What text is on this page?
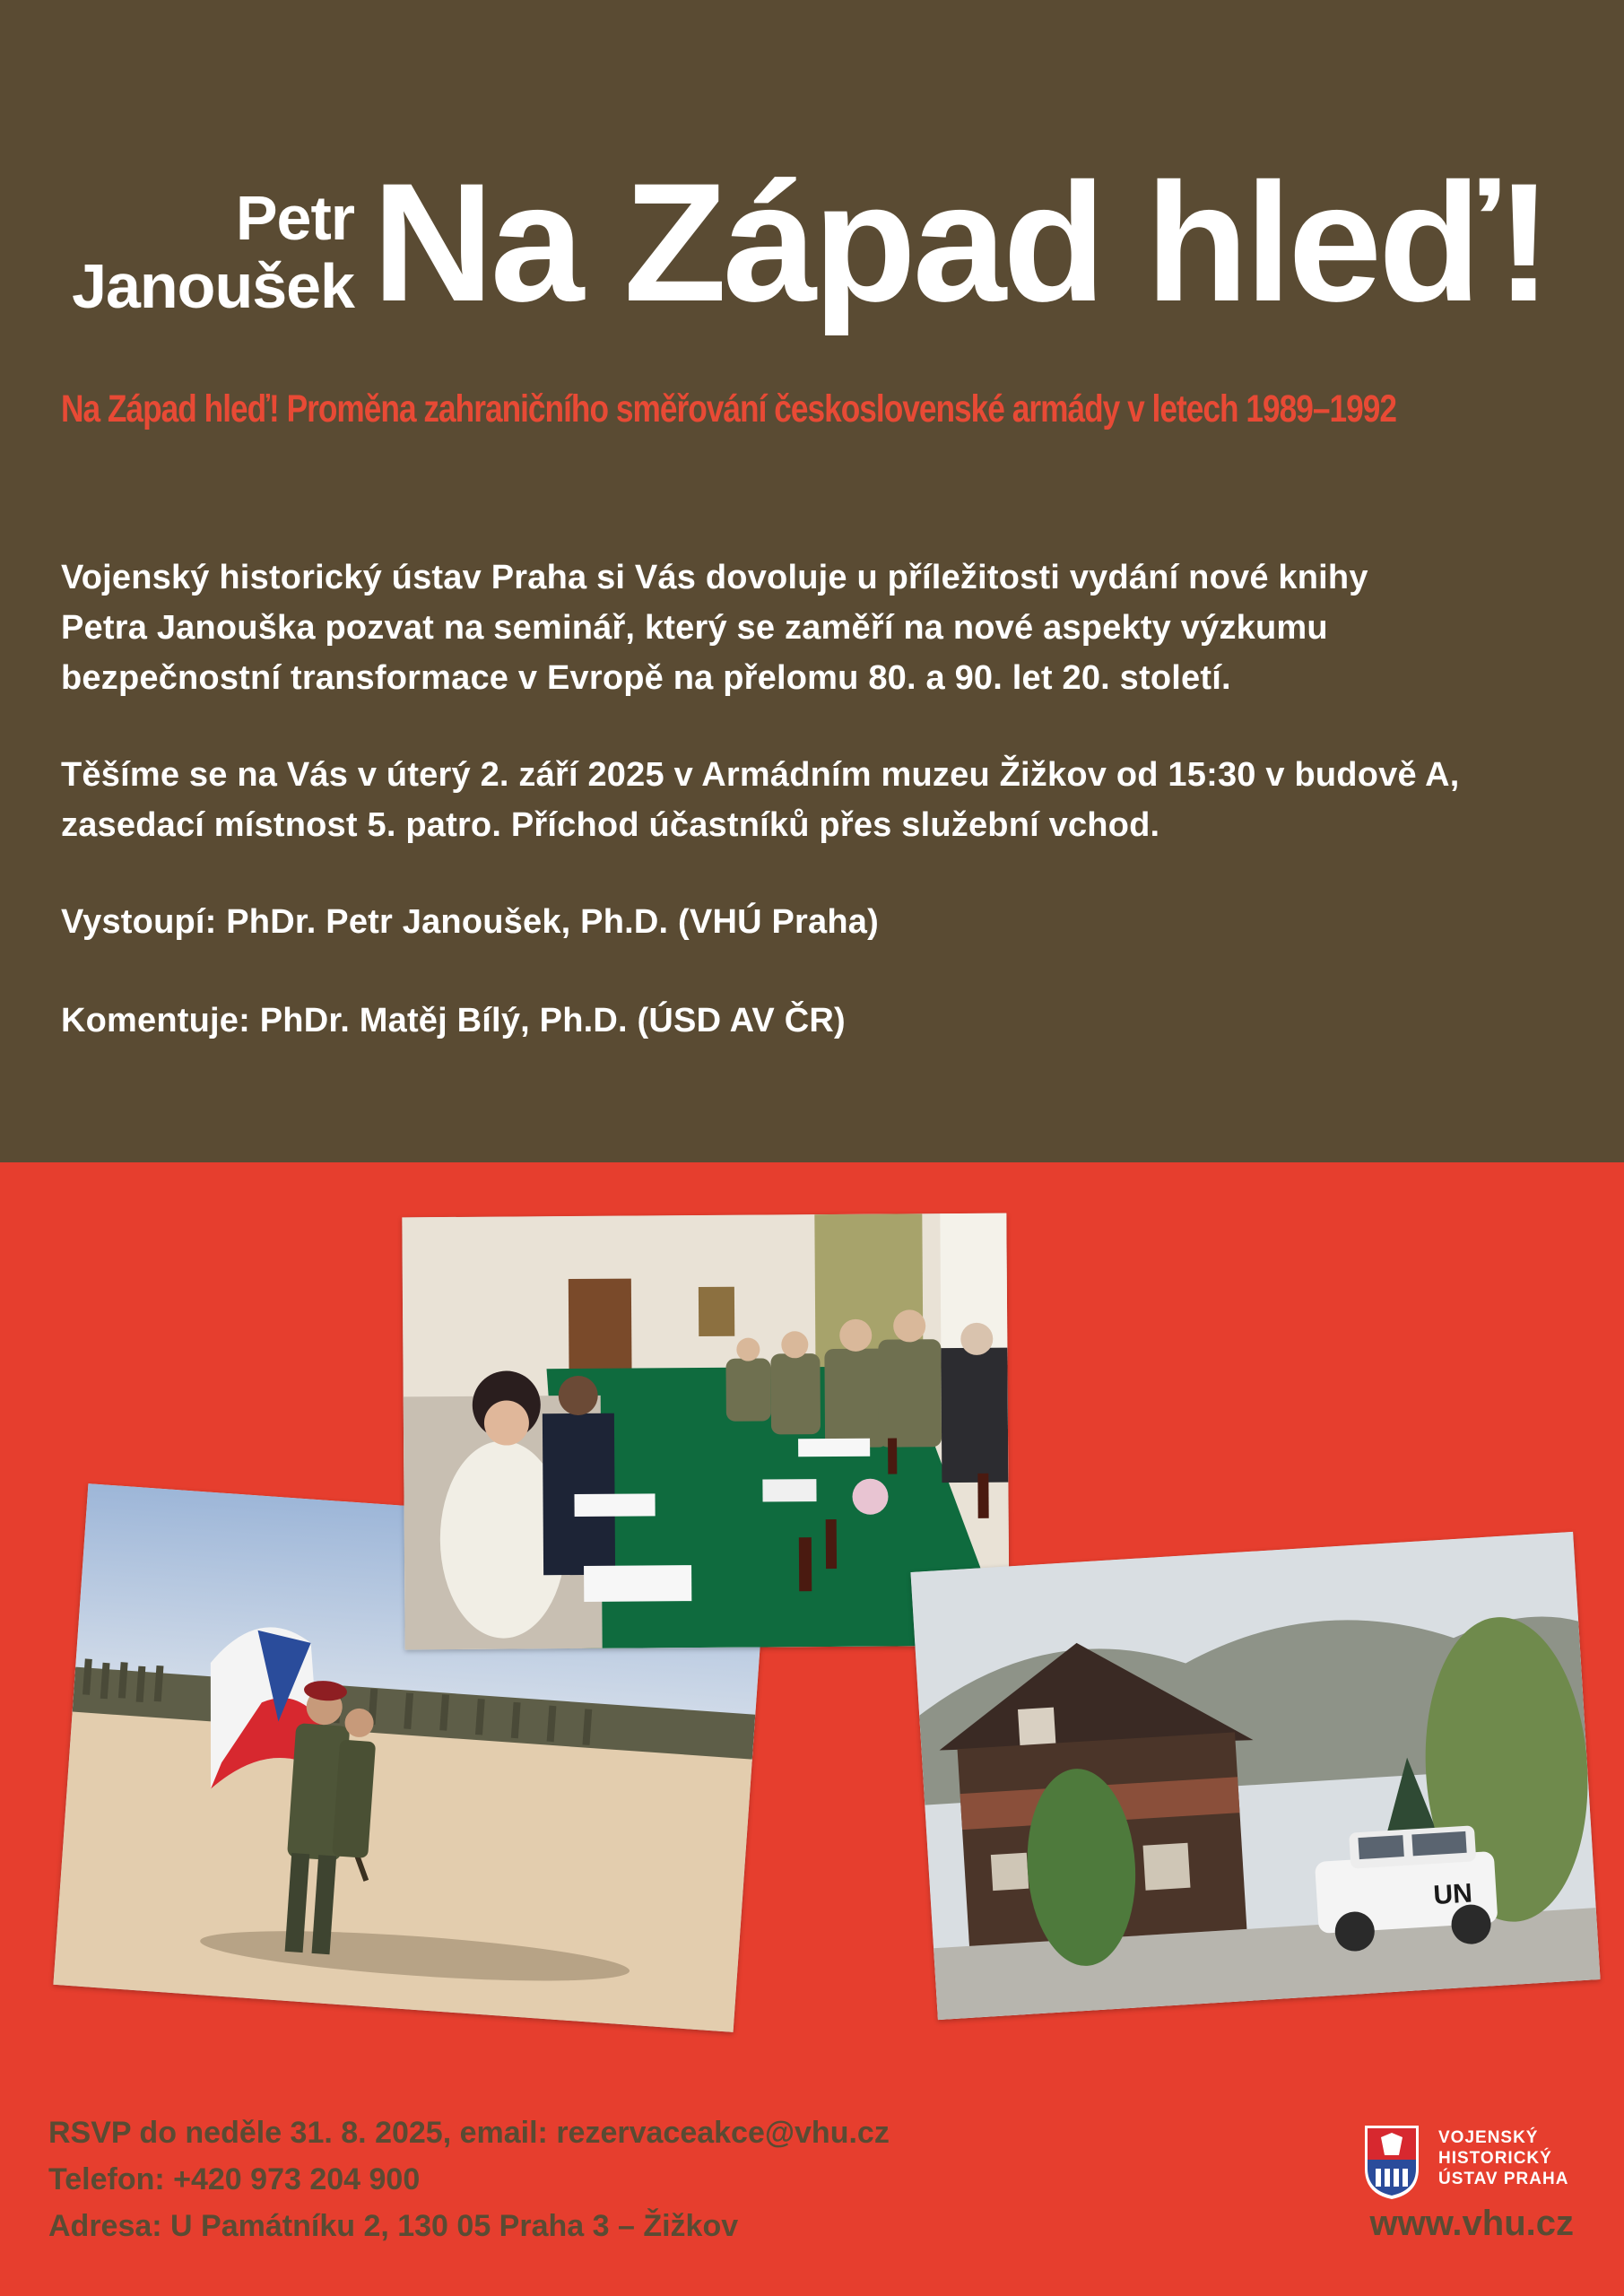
Petr
Janoušek Na Západ hleď!
Na Západ hleď! Proměna zahraničního směřování československé armády v letech 1989–1992
Vojenský historický ústav Praha si Vás dovoluje u příležitosti vydání nové knihy
Petra Janouška pozvat na seminář, který se zaměří na nové aspekty výzkumu
bezpečnostní transformace v Evropě na přelomu 80. a 90. let 20. století.
Těšíme se na Vás v úterý 2. září 2025 v Armádním muzeu Žižkov od 15:30 v budově A,
zasedací místnost 5. patro. Příchod účastníků přes služební vchod.
Vystoupí: PhDr. Petr Janoušek, Ph.D. (VHÚ Praha)
Komentuje: PhDr. Matěj Bílý, Ph.D. (ÚSD AV ČR)
UN
RSVP do neděle 31. 8. 2025, email: rezervaceakce@vhu.cz
Telefon: +420 973 204 900
Adresa: U Památníku 2, 130 05 Praha 3 – Žižkov
VOJENSKÝ
HISTORICKÝ
ÚSTAV PRAHA
www.vhu.cz
